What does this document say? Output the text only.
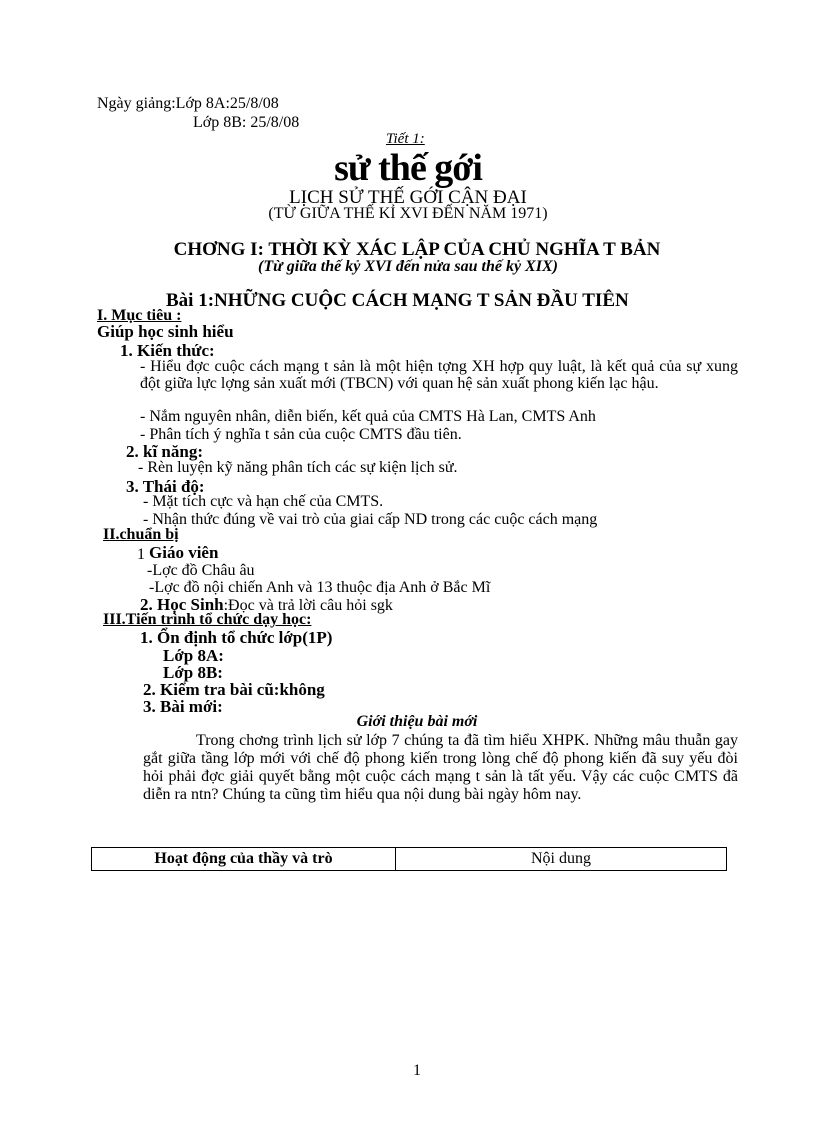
Ngày giảng:Lớp 8A:25/8/08
Lớp 8B: 25/8/08
Tiết 1:
sử thế gới
LỊCH SỬ THẾ GỚI CẬN ĐẠI
(TỪ GIỮA THẾ KỈ XVI ĐẾN NĂM 1971)
CHƠNG I: THỜI KỲ XÁC LẬP CỦA CHỦ NGHĨA T BẢN
(Từ giữa thế kỷ XVI đến nửa sau thế kỷ XIX)
Bài 1:NHỮNG CUỘC CÁCH MẠNG T SẢN ĐẦU TIÊN
I. Mục tiêu :
Giúp học sinh hiểu
1. Kiến thức:
- Hiểu đợc cuộc cách mạng t sản là một hiện tợng XH hợp quy luật, là kết quả của sự xung đột giữa lực lợng sản xuất mới (TBCN) với quan hệ sản xuất phong kiến lạc hậu.
- Nắm nguyên nhân, diễn biến, kết quả của CMTS Hà Lan, CMTS Anh
- Phân tích ý nghĩa t sản của cuộc CMTS đầu tiên.
2. kĩ năng:
- Rèn luyện kỹ năng phân tích các sự kiện lịch sử.
3. Thái độ:
- Mặt tích cực và hạn chế của CMTS.
- Nhận thức đúng về vai trò của giai cấp ND trong các cuộc cách mạng
II.chuẩn bị
1 Giáo viên
-Lợc đồ Châu âu
-Lợc đồ nội chiến Anh và 13 thuộc địa Anh ở Bắc Mĩ
2. Học Sinh:Đọc và trả lời câu hỏi sgk
III.Tiến trình tổ chức dạy học:
1. Ổn định tổ chức lớp(1P)
Lớp 8A:
Lớp 8B:
2. Kiểm tra bài cũ:không
3. Bài mới:
Giới thiệu bài mới
Trong chơng trình lịch sử lớp 7 chúng ta đã tìm hiểu XHPK. Những mâu thuẫn gay gắt giữa tầng lớp mới với chế độ phong kiến trong lòng chế độ phong kiến đã suy yếu đòi hỏi phải đợc giải quyết bằng một cuộc cách mạng t sản là tất yếu. Vậy các cuộc CMTS đã diễn ra ntn? Chúng ta cũng tìm hiểu qua nội dung bài ngày hôm nay.
Hoạt động của thầy và trò	Nội dung
1
